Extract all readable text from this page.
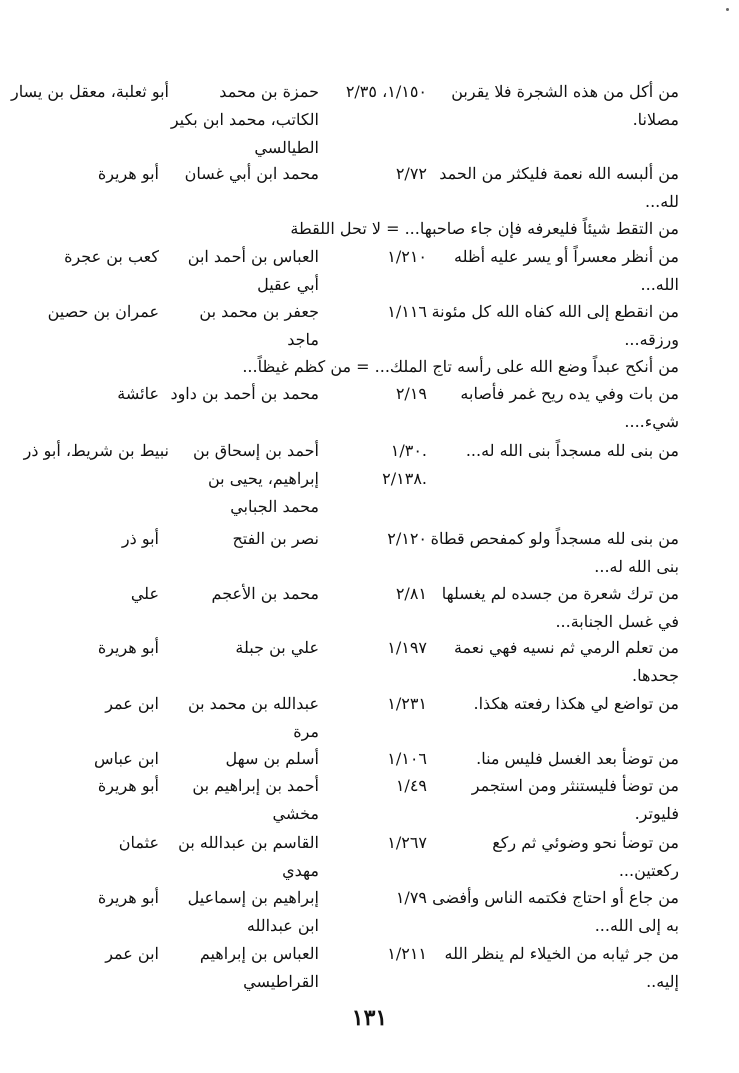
من أكل من هذه الشجرة فلا يقربن مصلانا.
١/١٥٠، ٢/٣٥
حمزة بن محمد الكاتب، محمد ابن بكير الطيالسي
أبو ثعلبة، معقل بن يسار
من ألبسه الله نعمة فليكثر من الحمد لله...
٢/٧٢
محمد ابن أبي غسان
أبو هريرة
من التقط شيئاً فليعرفه فإن جاء صاحبها... = لا تحل اللقطة
من أنظر معسراً أو يسر عليه أظله الله...
١/٢١٠
العباس بن أحمد ابن أبي عقيل
كعب بن عجرة
من انقطع إلى الله كفاه الله كل مئونة ورزقه...
١/١١٦
جعفر بن محمد بن ماجد
عمران بن حصين
من أنكح عبداً وضع الله على رأسه تاج الملك... = من كظم غيظاً...
من بات وفي يده ريح غمر فأصابه شيء....
٢/١٩
محمد بن أحمد بن داود
عائشة
من بنى لله مسجداً بنى الله له...
١/٣٠.
٢/١٣٨.
أحمد بن إسحاق بن إبراهيم، يحيى بن محمد الجبابي
نبيط بن شريط، أبو ذر
من بنى لله مسجداً ولو كمفحص قطاة بنى الله له...
٢/١٢٠
نصر بن الفتح
أبو ذر
من ترك شعرة من جسده لم يغسلها في غسل الجنابة...
٢/٨١
محمد بن الأعجم
علي
من تعلم الرمي ثم نسيه فهي نعمة جحدها.
١/١٩٧
علي بن جبلة
أبو هريرة
من تواضع لي هكذا رفعته هكذا.
١/٢٣١
عبدالله بن محمد بن مرة
ابن عمر
من توضأ بعد الغسل فليس منا.
١/١٠٦
أسلم بن سهل
ابن عباس
من توضأ فليستنثر ومن استجمر فليوتر.
١/٤٩
أحمد بن إبراهيم بن مخشي
أبو هريرة
من توضأ نحو وضوئي ثم ركع ركعتين...
١/٢٦٧
القاسم بن عبدالله بن مهدي
عثمان
من جاع أو احتاج فكتمه الناس وأفضى به إلى الله...
١/٧٩
إبراهيم بن إسماعيل ابن عبدالله
أبو هريرة
من جر ثيابه من الخيلاء لم ينظر الله إليه..
١/٢١١
العباس بن إبراهيم القراطيسي
ابن عمر
١٣١
